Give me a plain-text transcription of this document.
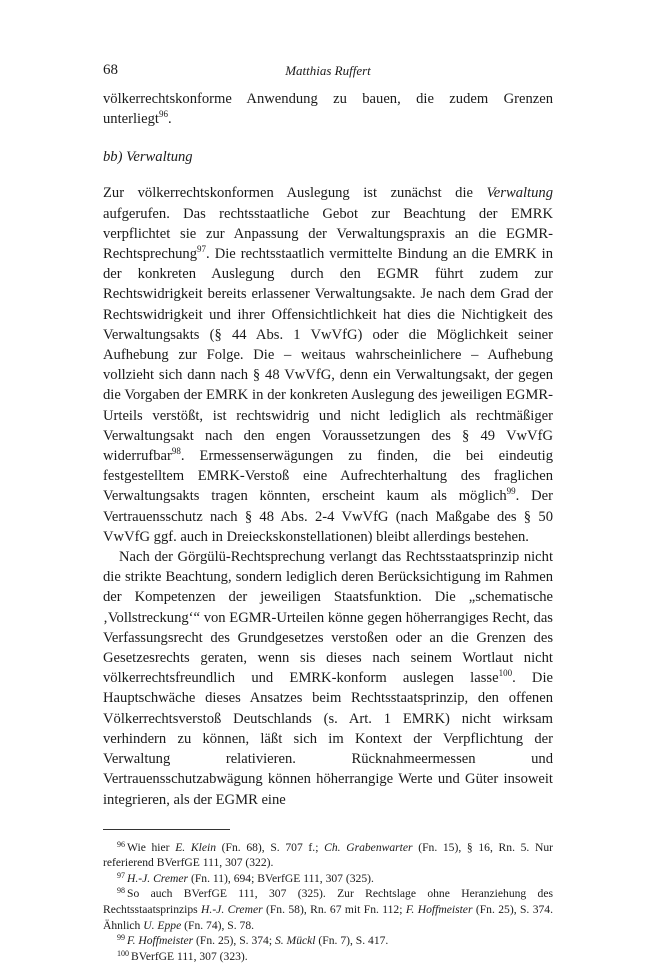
68	Matthias Ruffert

völkerrechtskonforme Anwendung zu bauen, die zudem Grenzen unterliegt$^{96}$.

bb) Verwaltung

Zur völkerrechtskonformen Auslegung ist zunächst die Verwaltung aufgerufen. Das rechtsstaatliche Gebot zur Beachtung der EMRK verpflichtet sie zur Anpassung der Verwaltungspraxis an die EGMR-Rechtsprechung$^{97}$. Die rechtsstaatlich vermittelte Bindung an die EMRK in der konkreten Auslegung durch den EGMR führt zudem zur Rechtswidrigkeit bereits erlassener Verwaltungsakte. Je nach dem Grad der Rechtswidrigkeit und ihrer Offensichtlichkeit hat dies die Nichtigkeit des Verwaltungsakts (§ 44 Abs. 1 VwVfG) oder die Möglichkeit seiner Aufhebung zur Folge. Die – weitaus wahrscheinlichere – Aufhebung vollzieht sich dann nach § 48 VwVfG, denn ein Verwaltungsakt, der gegen die Vorgaben der EMRK in der konkreten Auslegung des jeweiligen EGMR-Urteils verstößt, ist rechtswidrig und nicht lediglich als rechtmäßiger Verwaltungsakt nach den engen Voraussetzungen des § 49 VwVfG widerrufbar$^{98}$. Ermessenserwägungen zu finden, die bei eindeutig festgestelltem EMRK-Verstoß eine Aufrechterhaltung des fraglichen Verwaltungsakts tragen könnten, erscheint kaum als möglich$^{99}$. Der Vertrauensschutz nach § 48 Abs. 2-4 VwVfG (nach Maßgabe des § 50 VwVfG ggf. auch in Dreieckskonstellationen) bleibt allerdings bestehen.

Nach der Görgülü-Rechtsprechung verlangt das Rechtsstaatsprinzip nicht die strikte Beachtung, sondern lediglich deren Berücksichtigung im Rahmen der Kompetenzen der jeweiligen Staatsfunktion. Die „schematische ‚Vollstreckung‘“ von EGMR-Urteilen könne gegen höherrangiges Recht, das Verfassungsrecht des Grundgesetzes verstoßen oder an die Grenzen des Gesetzesrechts geraten, wenn sis dieses nach seinem Wortlaut nicht völkerrechtsfreundlich und EMRK-konform auslegen lasse$^{100}$. Die Hauptschwäche dieses Ansatzes beim Rechtsstaatsprinzip, den offenen Völkerrechtsverstoß Deutschlands (s. Art. 1 EMRK) nicht wirksam verhindern zu können, läßt sich im Kontext der Verpflichtung der Verwaltung relativieren. Rücknahmeermessen und Vertrauensschutzabwägung können höherrangige Werte und Güter insoweit integrieren, als der EGMR eine

$^{96}$ Wie hier E. Klein (Fn. 68), S. 707 f.; Ch. Grabenwarter (Fn. 15), § 16, Rn. 5. Nur referierend BVerfGE 111, 307 (322).

$^{97}$ H.-J. Cremer (Fn. 11), 694; BVerfGE 111, 307 (325).

$^{98}$ So auch BVerfGE 111, 307 (325). Zur Rechtslage ohne Heranziehung des Rechtsstaatsprinzips H.-J. Cremer (Fn. 58), Rn. 67 mit Fn. 112; F. Hoffmeister (Fn. 25), S. 374. Ähnlich U. Eppe (Fn. 74), S. 78.

$^{99}$ F. Hoffmeister (Fn. 25), S. 374; S. Mückl (Fn. 7), S. 417.

$^{100}$ BVerfGE 111, 307 (323).
